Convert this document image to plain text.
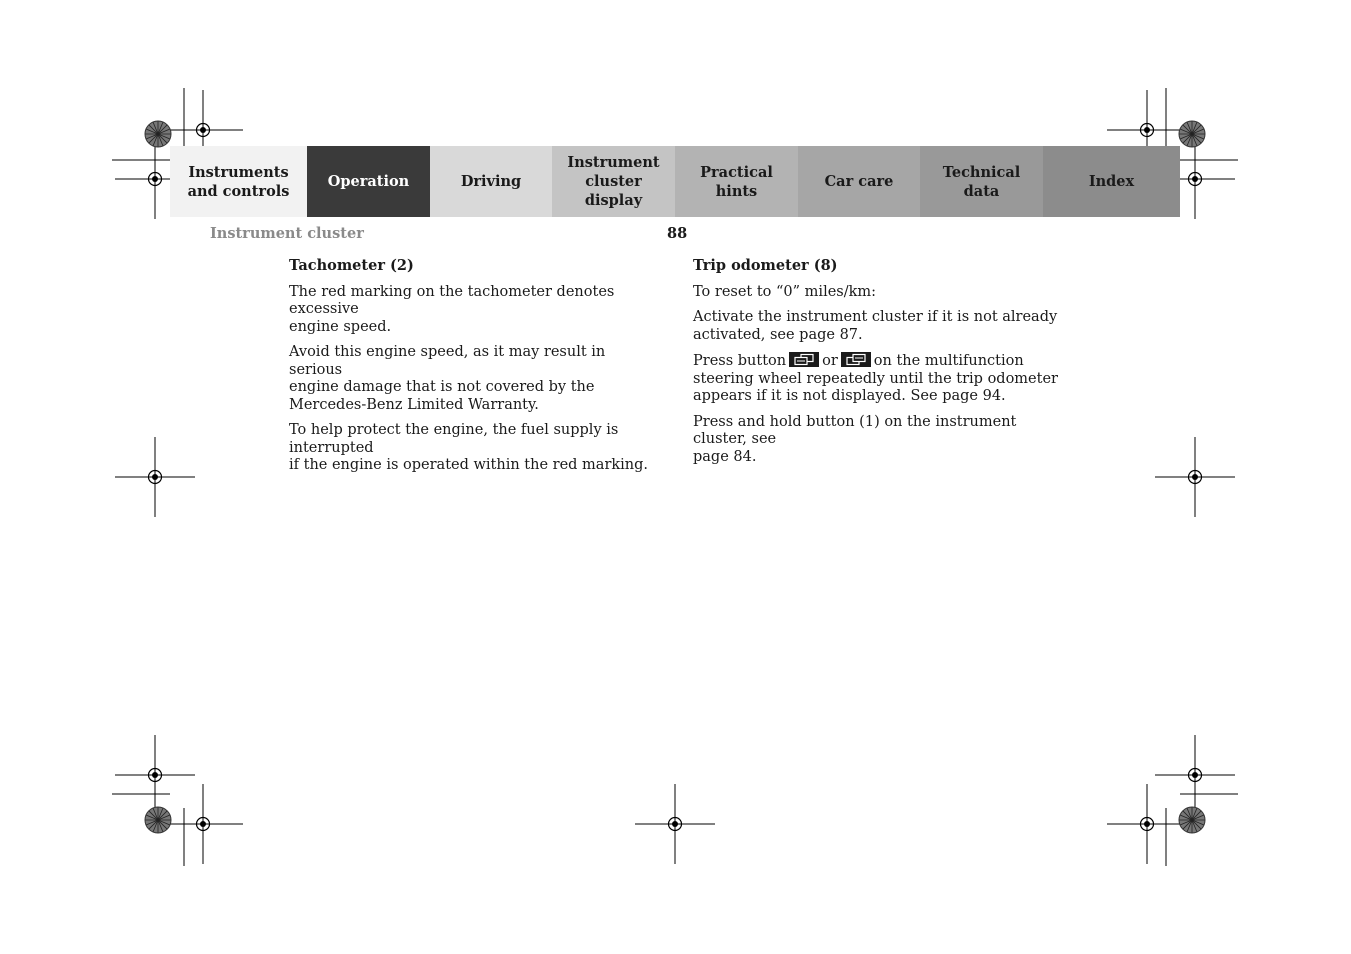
Instruments
and controls
Operation	Driving
Instrument
cluster display
Practical hints
Car care
Technical
data
Index
Instrument cluster	88
Tachometer (2)

The red marking on the tachometer denotes excessive
engine speed.

Avoid this engine speed, as it may result in serious
engine damage that is not covered by the
Mercedes-Benz Limited Warranty.

To help protect the engine, the fuel supply is interrupted
if the engine is operated within the red marking.

Trip odometer (8)

To reset to “0” miles/km:

Activate the instrument cluster if it is not already
activated, see page 87.

Press button or on the multifunction
steering wheel repeatedly until the trip odometer
appears if it is not displayed. See page 94.

Press and hold button (1) on the instrument cluster, see
page 84.
